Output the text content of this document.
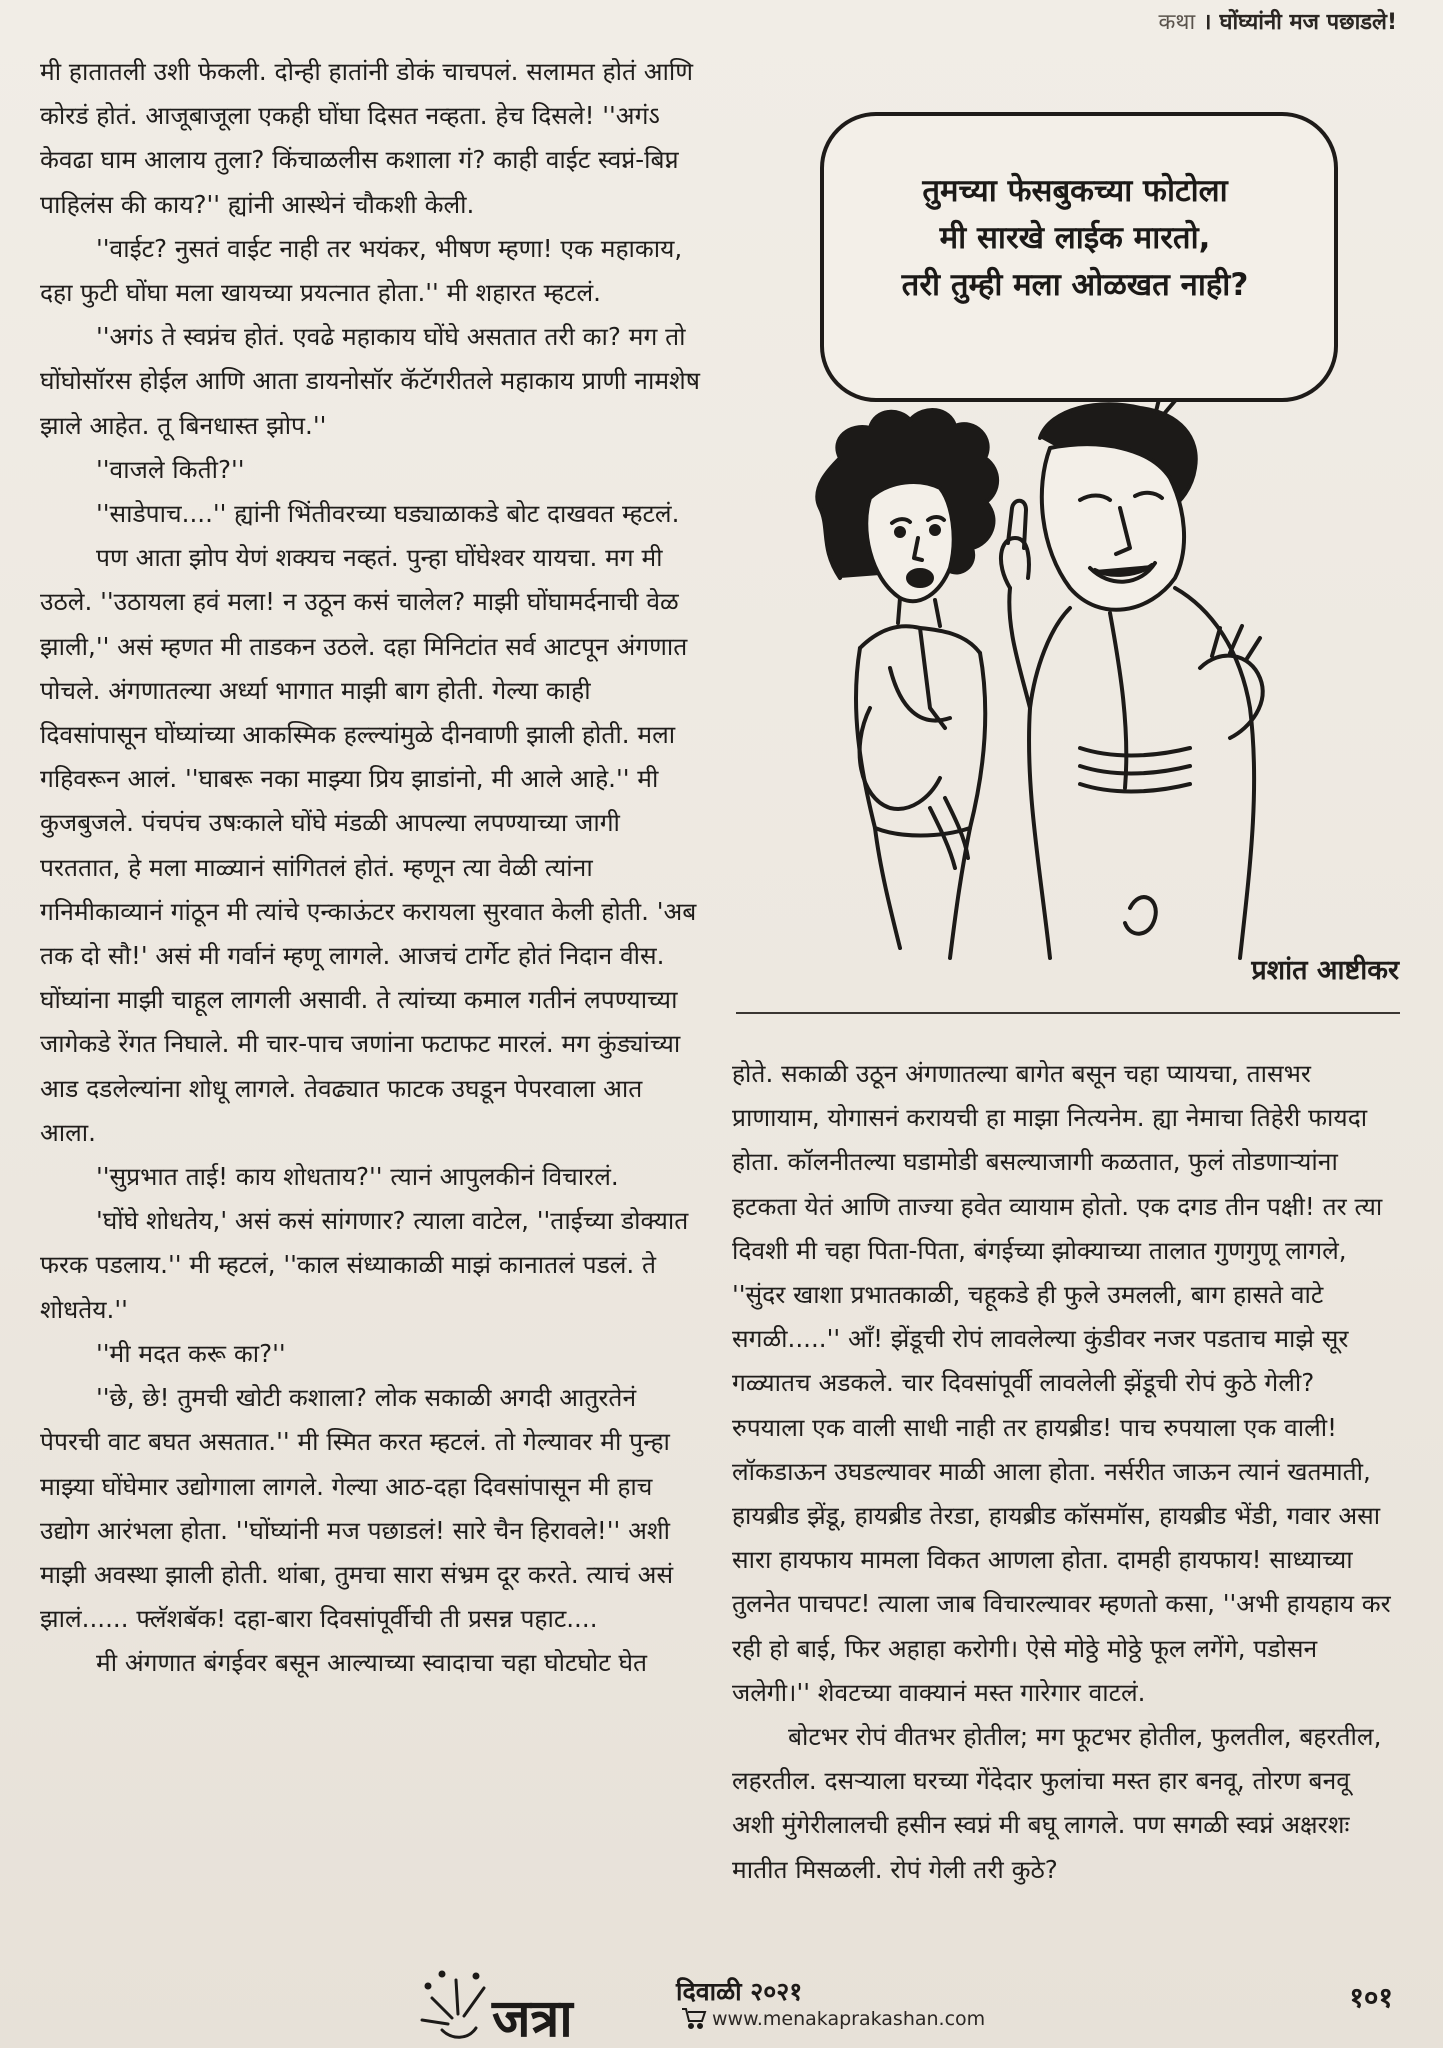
कथा । घोंघ्यांनी मज पछाडले!

मी हातातली उशी फेकली. दोन्ही हातांनी डोकं चाचपलं. सलामत होतं आणि कोरडं होतं. आजूबाजूला एकही घोंघा दिसत नव्हता. हेच दिसले! ''अगंऽ केवढा घाम आलाय तुला? किंचाळलीस कशाला गं? काही वाईट स्वप्नं-बिप्न पाहिलंस की काय?'' ह्यांनी आस्थेनं चौकशी केली.

''वाईट? नुसतं वाईट नाही तर भयंकर, भीषण म्हणा! एक महाकाय, दहा फुटी घोंघा मला खायच्या प्रयत्नात होता.'' मी शहारत म्हटलं.

''अगंऽ ते स्वप्नंच होतं. एवढे महाकाय घोंघे असतात तरी का? मग तो घोंघोसॉरस होईल आणि आता डायनोसॉर कॅटॅगरीतले महाकाय प्राणी नामशेष झाले आहेत. तू बिनधास्त झोप.''

''वाजले किती?''

''साडेपाच....'' ह्यांनी भिंतीवरच्या घड्याळाकडे बोट दाखवत म्हटलं.

पण आता झोप येणं शक्यच नव्हतं. पुन्हा घोंघेश्वर यायचा. मग मी उठले. ''उठायला हवं मला! न उठून कसं चालेल? माझी घोंघामर्दनाची वेळ झाली,'' असं म्हणत मी ताडकन उठले. दहा मिनिटांत सर्व आटपून अंगणात पोचले. अंगणातल्या अर्ध्या भागात माझी बाग होती. गेल्या काही दिवसांपासून घोंघ्यांच्या आकस्मिक हल्ल्यांमुळे दीनवाणी झाली होती. मला गहिवरून आलं. ''घाबरू नका माझ्या प्रिय झाडांनो, मी आले आहे.'' मी कुजबुजले. पंचपंच उषःकाले घोंघे मंडळी आपल्या लपण्याच्या जागी परततात, हे मला माळ्यानं सांगितलं होतं. म्हणून त्या वेळी त्यांना गनिमीकाव्यानं गांठून मी त्यांचे एन्काऊंटर करायला सुरवात केली होती. 'अब तक दो सौ!' असं मी गर्वानं म्हणू लागले. आजचं टार्गेट होतं निदान वीस. घोंघ्यांना माझी चाहूल लागली असावी. ते त्यांच्या कमाल गतीनं लपण्याच्या जागेकडे रेंगत निघाले. मी चार-पाच जणांना फटाफट मारलं. मग कुंड्यांच्या आड दडलेल्यांना शोधू लागले. तेवढ्यात फाटक उघडून पेपरवाला आत आला.

''सुप्रभात ताई! काय शोधताय?'' त्यानं आपुलकीनं विचारलं.

'घोंघे शोधतेय,' असं कसं सांगणार? त्याला वाटेल, ''ताईच्या डोक्यात फरक पडलाय.'' मी म्हटलं, ''काल संध्याकाळी माझं कानातलं पडलं. ते शोधतेय.''

''मी मदत करू का?''

''छे, छे! तुमची खोटी कशाला? लोक सकाळी अगदी आतुरतेनं पेपरची वाट बघत असतात.'' मी स्मित करत म्हटलं. तो गेल्यावर मी पुन्हा माझ्या घोंघेमार उद्योगाला लागले. गेल्या आठ-दहा दिवसांपासून मी हाच उद्योग आरंभला होता. ''घोंघ्यांनी मज पछाडलं! सारे चैन हिरावले!'' अशी माझी अवस्था झाली होती. थांबा, तुमचा सारा संभ्रम दूर करते. त्याचं असं झालं...... फ्लॅशबॅक! दहा-बारा दिवसांपूर्वीची ती प्रसन्न पहाट....

मी अंगणात बंगईवर बसून आल्याच्या स्वादाचा चहा घोटघोट घेत

तुमच्या फेसबुकच्या फोटोला
मी सारखे लाईक मारतो,
तरी तुम्ही मला ओळखत नाही?
प्रशांत आष्टीकर

होते. सकाळी उठून अंगणातल्या बागेत बसून चहा प्यायचा, तासभर प्राणायाम, योगासनं करायची हा माझा नित्यनेम. ह्या नेमाचा तिहेरी फायदा होता. कॉलनीतल्या घडामोडी बसल्याजागी कळतात, फुलं तोडणाऱ्यांना हटकता येतं आणि ताज्या हवेत व्यायाम होतो. एक दगड तीन पक्षी! तर त्या दिवशी मी चहा पिता-पिता, बंगईच्या झोक्याच्या तालात गुणगुणू लागले, ''सुंदर खाशा प्रभातकाळी, चहूकडे ही फुले उमलली, बाग हासते वाटे सगळी.....'' आँ! झेंडूची रोपं लावलेल्या कुंडीवर नजर पडताच माझे सूर गळ्यातच अडकले. चार दिवसांपूर्वी लावलेली झेंडूची रोपं कुठे गेली? रुपयाला एक वाली साधी नाही तर हायब्रीड! पाच रुपयाला एक वाली! लॉकडाऊन उघडल्यावर माळी आला होता. नर्सरीत जाऊन त्यानं खतमाती, हायब्रीड झेंडू, हायब्रीड तेरडा, हायब्रीड कॉसमॉस, हायब्रीड भेंडी, गवार असा सारा हायफाय मामला विकत आणला होता. दामही हायफाय! साध्याच्या तुलनेत पाचपट! त्याला जाब विचारल्यावर म्हणतो कसा, ''अभी हायहाय कर रही हो बाई, फिर अहाहा करोगी। ऐसे मोठ्ठे मोठ्ठे फूल लगेंगे, पडोसन जलेगी।'' शेवटच्या वाक्यानं मस्त गारेगार वाटलं.

बोटभर रोपं वीतभर होतील; मग फूटभर होतील, फुलतील, बहरतील, लहरतील. दसऱ्याला घरच्या गेंदेदार फुलांचा मस्त हार बनवू, तोरण बनवू अशी मुंगेरीलालची हसीन स्वप्नं मी बघू लागले. पण सगळी स्वप्नं अक्षरशः मातीत मिसळली. रोपं गेली तरी कुठे?

जत्रा	दिवाळी २०२१
www.menakaprakashan.com
१०१
